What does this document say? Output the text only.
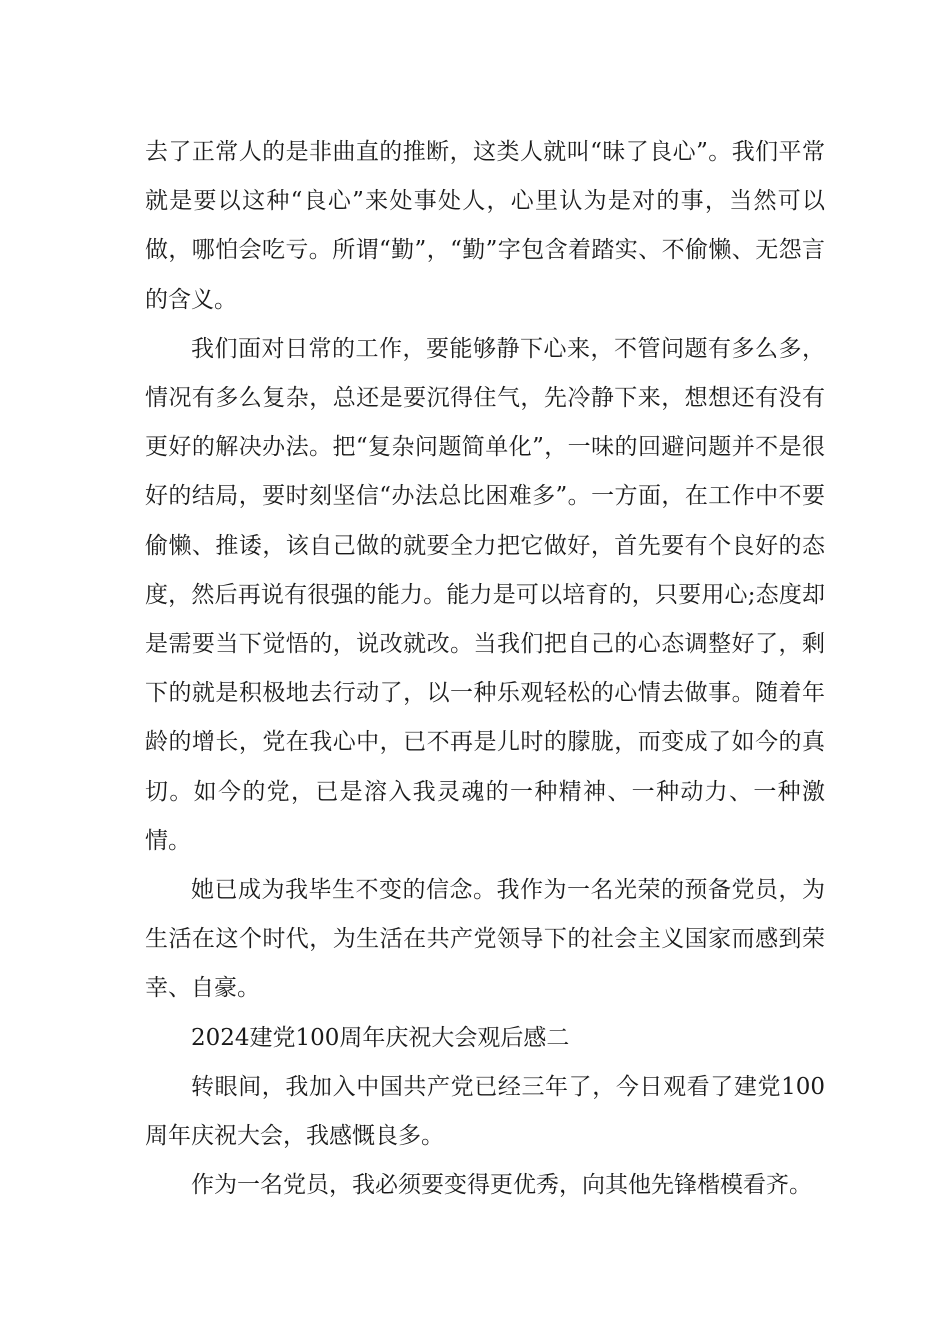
去了正常人的是非曲直的推断，这类人就叫“昧了良心”。我们平常就是要以这种“良心”来处事处人，心里认为是对的事，当然可以做，哪怕会吃亏。所谓“勤”，“勤”字包含着踏实、不偷懒、无怨言的含义。

我们面对日常的工作，要能够静下心来，不管问题有多么多，情况有多么复杂，总还是要沉得住气，先冷静下来，想想还有没有更好的解决办法。把“复杂问题简单化”，一味的回避问题并不是很好的结局，要时刻坚信“办法总比困难多”。一方面，在工作中不要偷懒、推诿，该自己做的就要全力把它做好，首先要有个良好的态度，然后再说有很强的能力。能力是可以培育的，只要用心;态度却是需要当下觉悟的，说改就改。当我们把自己的心态调整好了，剩下的就是积极地去行动了，以一种乐观轻松的心情去做事。随着年龄的增长，党在我心中，已不再是儿时的朦胧，而变成了如今的真切。如今的党，已是溶入我灵魂的一种精神、一种动力、一种激情。

她已成为我毕生不变的信念。我作为一名光荣的预备党员，为生活在这个时代，为生活在共产党领导下的社会主义国家而感到荣幸、自豪。

2024建党100周年庆祝大会观后感二

转眼间，我加入中国共产党已经三年了，今日观看了建党100周年庆祝大会，我感慨良多。

作为一名党员，我必须要变得更优秀，向其他先锋楷模看齐。
